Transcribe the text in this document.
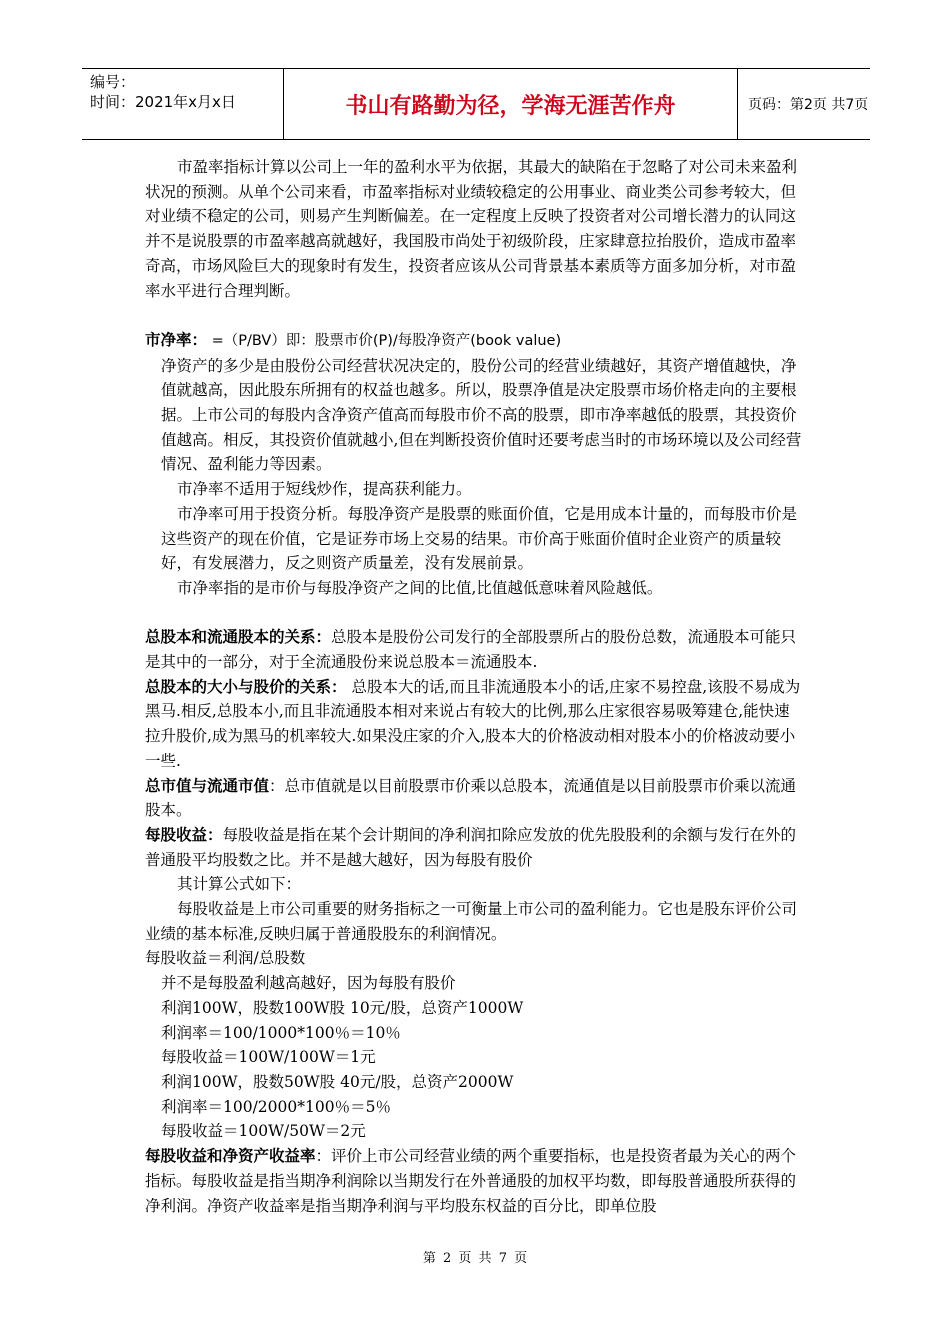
编号：
时间：2021年x月x日	书山有路勤为径，学海无涯苦作舟	页码：第2页 共7页

市盈率指标计算以公司上一年的盈利水平为依据，其最大的缺陷在于忽略了对公司未来盈利状况的预测。从单个公司来看，市盈率指标对业绩较稳定的公用事业、商业类公司参考较大，但对业绩不稳定的公司，则易产生判断偏差。在一定程度上反映了投资者对公司增长潜力的认同这并不是说股票的市盈率越高就越好，我国股市尚处于初级阶段，庄家肆意拉抬股价，造成市盈率奇高，市场风险巨大的现象时有发生，投资者应该从公司背景基本素质等方面多加分析，对市盈率水平进行合理判断。

市净率： =（P/BV）即：股票市价(P)/每股净资产(book value)

净资产的多少是由股份公司经营状况决定的，股份公司的经营业绩越好，其资产增值越快，净值就越高，因此股东所拥有的权益也越多。所以，股票净值是决定股票市场价格走向的主要根据。上市公司的每股内含净资产值高而每股市价不高的股票，即市净率越低的股票，其投资价值越高。相反，其投资价值就越小,但在判断投资价值时还要考虑当时的市场环境以及公司经营情况、盈利能力等因素。

市净率不适用于短线炒作，提高获利能力。

市净率可用于投资分析。每股净资产是股票的账面价值，它是用成本计量的，而每股市价是这些资产的现在价值，它是证券市场上交易的结果。市价高于账面价值时企业资产的质量较好，有发展潜力，反之则资产质量差，没有发展前景。

市净率指的是市价与每股净资产之间的比值,比值越低意味着风险越低。

总股本和流通股本的关系：总股本是股份公司发行的全部股票所占的股份总数，流通股本可能只是其中的一部分，对于全流通股份来说总股本＝流通股本.

总股本的大小与股价的关系： 总股本大的话,而且非流通股本小的话,庄家不易控盘,该股不易成为黑马.相反,总股本小,而且非流通股本相对来说占有较大的比例,那么庄家很容易吸筹建仓,能快速拉升股价,成为黑马的机率较大.如果没庄家的介入,股本大的价格波动相对股本小的价格波动要小一些.

总市值与流通市值：总市值就是以目前股票市价乘以总股本，流通值是以目前股票市价乘以流通股本。

每股收益：每股收益是指在某个会计期间的净利润扣除应发放的优先股股利的余额与发行在外的普通股平均股数之比。并不是越大越好，因为每股有股价

其计算公式如下：

每股收益是上市公司重要的财务指标之一可衡量上市公司的盈利能力。它也是股东评价公司业绩的基本标准,反映归属于普通股股东的利润情况。

每股收益＝利润/总股数

并不是每股盈利越高越好，因为每股有股价

利润100W，股数100W股 10元/股，总资产1000W

利润率＝100/1000*100％＝10％

每股收益＝100W/100W＝1元

利润100W，股数50W股 40元/股，总资产2000W

利润率＝100/2000*100％＝5％

每股收益＝100W/50W＝2元

每股收益和净资产收益率：评价上市公司经营业绩的两个重要指标，也是投资者最为关心的两个指标。每股收益是指当期净利润除以当期发行在外普通股的加权平均数，即每股普通股所获得的净利润。净资产收益率是指当期净利润与平均股东权益的百分比，即单位股

第 2 页 共 7 页
